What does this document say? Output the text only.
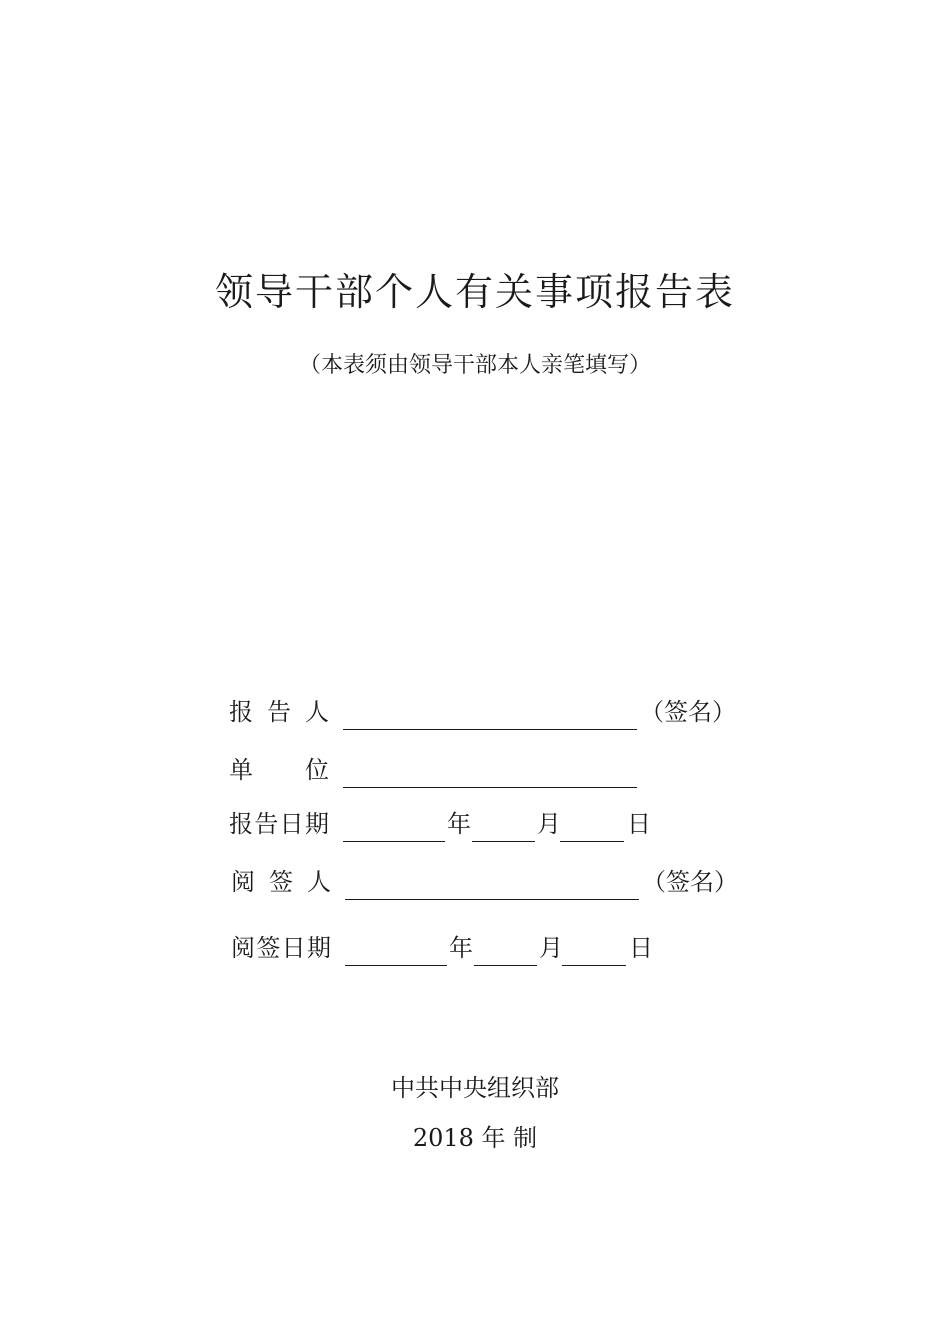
领导干部个人有关事项报告表
（本表须由领导干部本人亲笔填写）
报 告 人	（签名）
单 位
报 告 日 期	年	月	日
阅 签 人	（签名）
阅 签 日 期	年	月	日
中共中央组织部
2018 年 制
